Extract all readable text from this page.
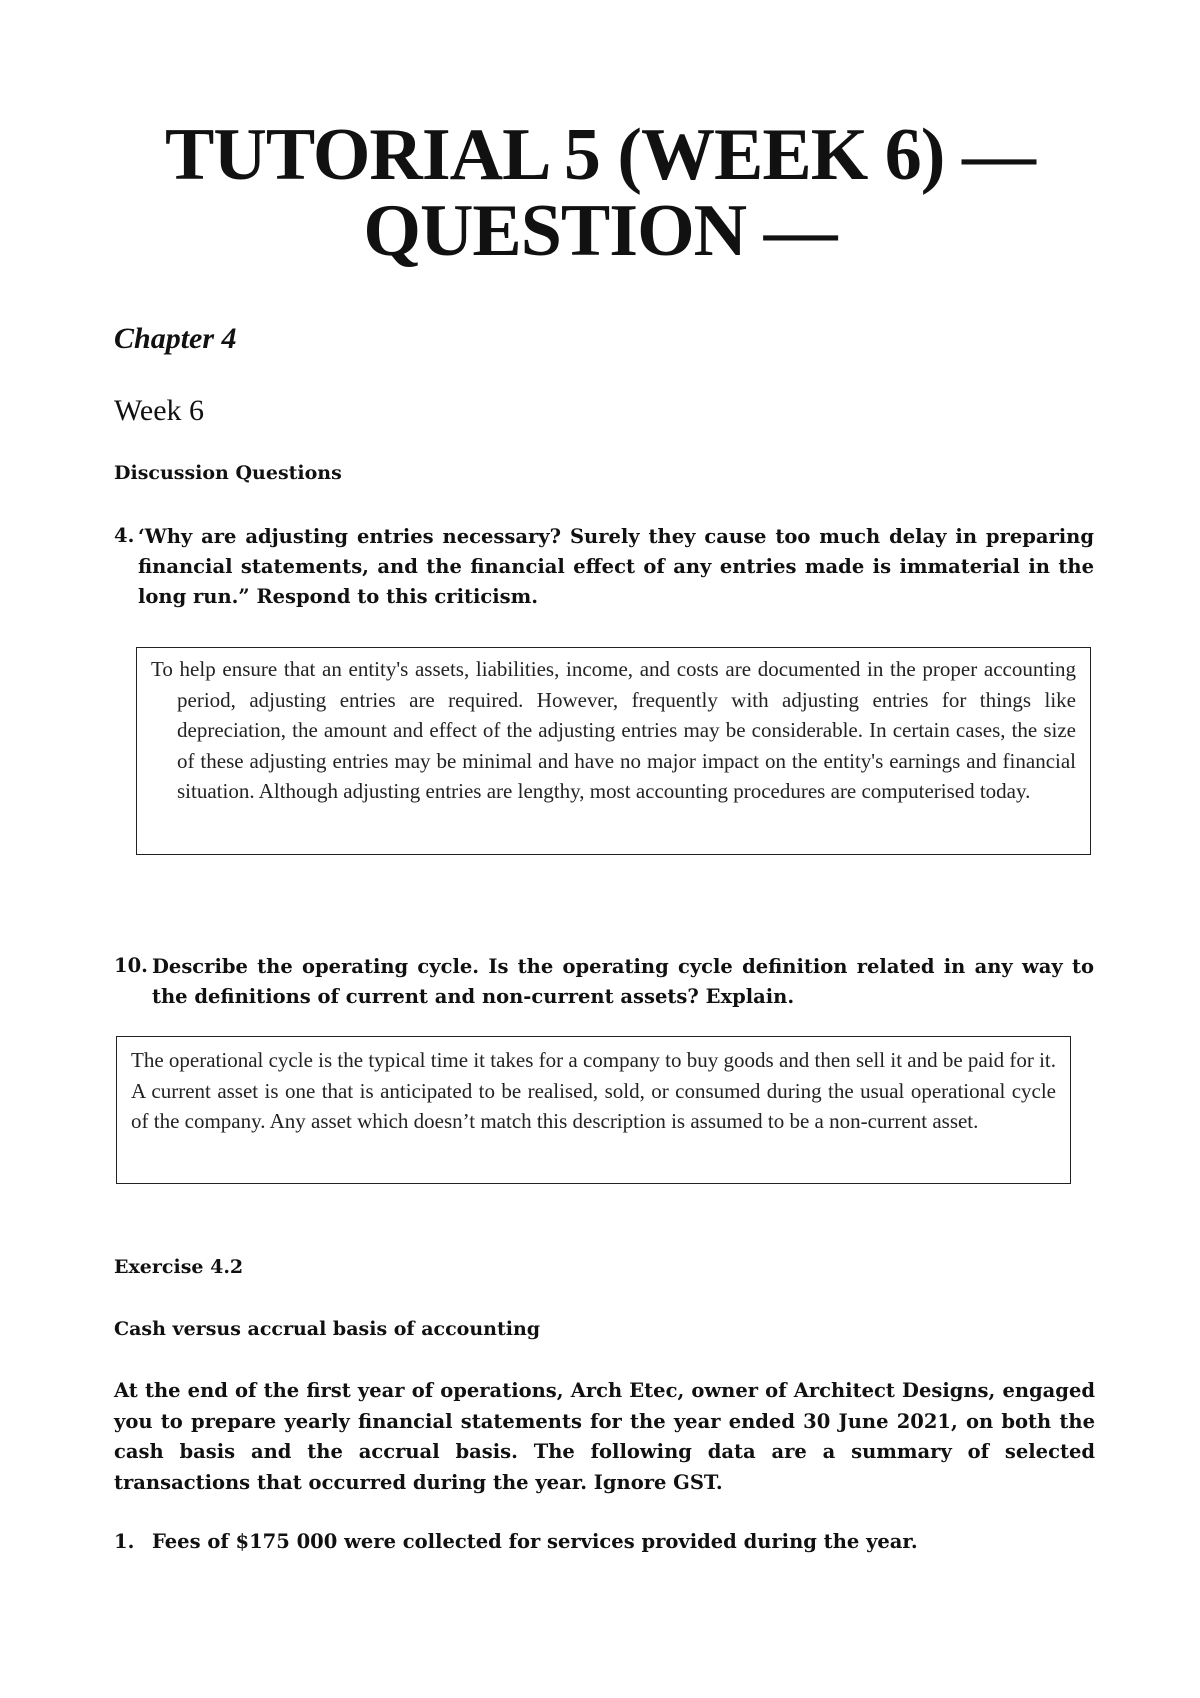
TUTORIAL 5 (WEEK 6) —
QUESTION —
Chapter 4
Week 6
Discussion Questions
4. ‘Why are adjusting entries necessary? Surely they cause too much delay in preparing financial statements, and the financial effect of any entries made is immaterial in the long run.” Respond to this criticism.

To help ensure that an entity's assets, liabilities, income, and costs are documented in the proper accounting period, adjusting entries are required. However, frequently with adjusting entries for things like depreciation, the amount and effect of the adjusting entries may be considerable. In certain cases, the size of these adjusting entries may be minimal and have no major impact on the entity's earnings and financial situation. Although adjusting entries are lengthy, most accounting procedures are computerised today.

10. Describe the operating cycle. Is the operating cycle definition related in any way to the definitions of current and non-current assets? Explain.

The operational cycle is the typical time it takes for a company to buy goods and then sell it and be paid for it. A current asset is one that is anticipated to be realised, sold, or consumed during the usual operational cycle of the company. Any asset which doesn’t match this description is assumed to be a non-current asset.

Exercise 4.2
Cash versus accrual basis of accounting
At the end of the first year of operations, Arch Etec, owner of Architect Designs, engaged you to prepare yearly financial statements for the year ended 30 June 2021, on both the cash basis and the accrual basis. The following data are a summary of selected transactions that occurred during the year. Ignore GST.
1. Fees of $175 000 were collected for services provided during the year.
